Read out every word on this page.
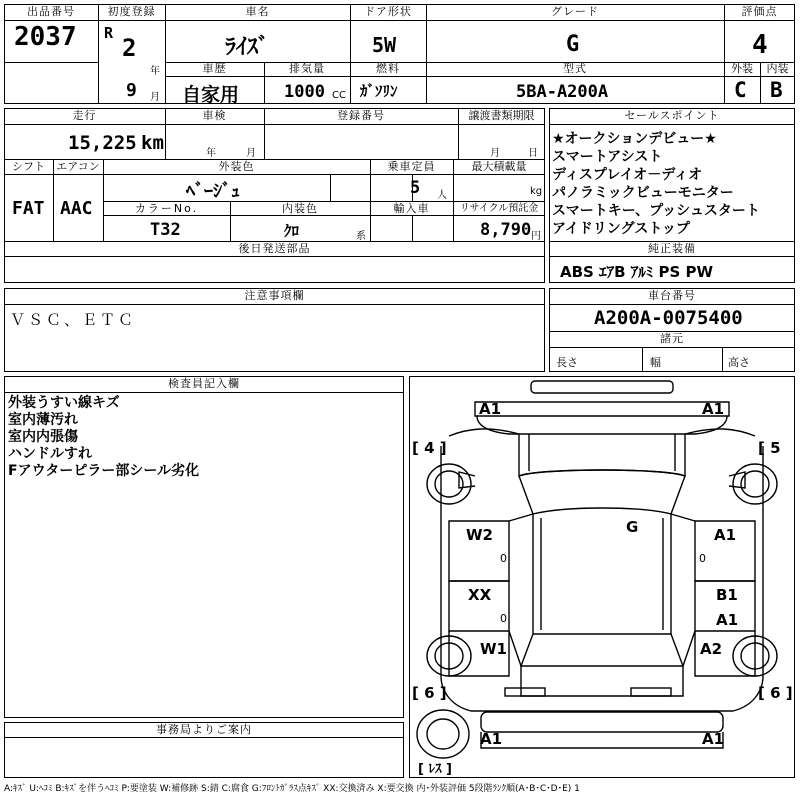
出品番号
2037
初度登録
R
2
年
9 月
車名
ﾗｲｽﾞ
ドア形状
5W
グレード
G
評価点
4
車歴
自家用
排気量
1000 CC
燃料
ｶﾞｿﾘﾝ
型式
5BA-A200A
外装
C
内装
B
走行
15,225 km
車検
年	月
登録番号	譲渡書類期限
月	日
シフト
FAT
エアコン
AAC
外装色
ﾍﾞｰｼﾞｭ
乗車定員
5 人
最大積載量
kg
カラーNo.
T32
内装色
ｸﾛ	系
輸入車	リサイクル預託金
8,790 円
後日発送部品
セールスポイント
★オークションデビュー★
スマートアシスト
ディスプレイオ－ディオ
パノラミックビューモニター
スマートキー、プッシュスタート
アイドリングストップ
純正装備
ABS ｴｱB ｱﾙﾐ PS PW
注意事項欄
ＶＳＣ、ＥＴＣ
車台番号
A200A-0075400
諸元
長さ	幅	高さ
検査員記入欄
外装うすい線キズ
室内薄汚れ
室内内張傷
ハンドルすれ
Fアウターピラー部シール劣化
事務局よりご案内
A1	A1
[ 4 ]	[ 5
G
W2
0
A1
0
XX
0
B1
A1
W1	A2
[ 6 ]	[ 6 ]
A1	A1
[ ﾚｽ ]
A:ｷｽﾞ U:ﾍｺﾐ B:ｷｽﾞを伴うﾍｺﾐ P:要塗装 W:補修跡 S:錆 C:腐食 G:ﾌﾛﾝﾄｶﾞﾗｽ点ｷｽﾞ XX:交換済み X:要交換 内･外装評価 5段階ﾗﾝｸ順(A･B･C･D･E) 1
